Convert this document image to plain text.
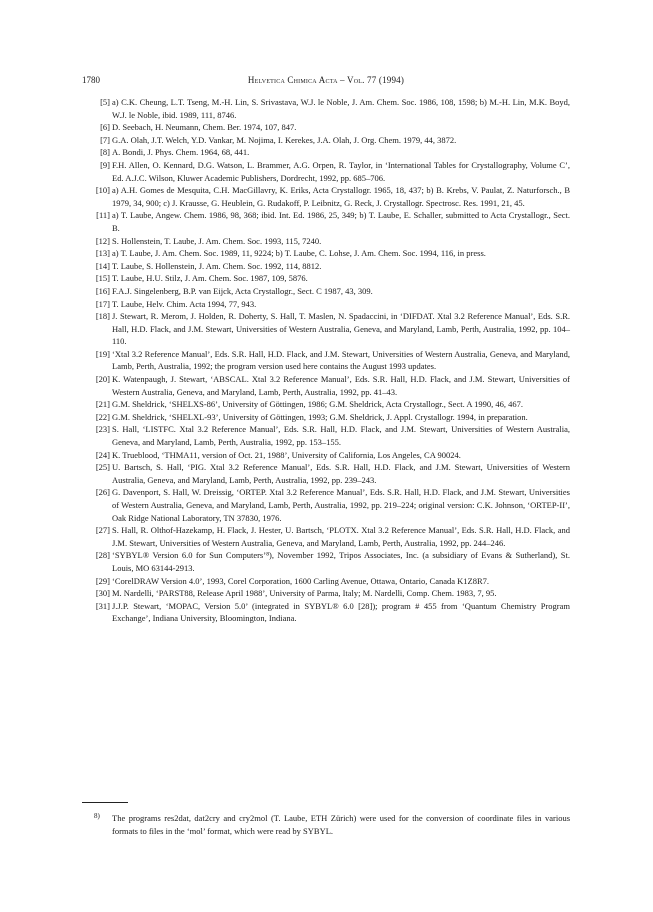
1780	Helvetica Chimica Acta – Vol. 77 (1994)
[5] a) C.K. Cheung, L.T. Tseng, M.-H. Lin, S. Srivastava, W.J. le Noble, J. Am. Chem. Soc. 1986, 108, 1598; b) M.-H. Lin, M.K. Boyd, W.J. le Noble, ibid. 1989, 111, 8746.
[6] D. Seebach, H. Neumann, Chem. Ber. 1974, 107, 847.
[7] G.A. Olah, J.T. Welch, Y.D. Vankar, M. Nojima, I. Kerekes, J.A. Olah, J. Org. Chem. 1979, 44, 3872.
[8] A. Bondi, J. Phys. Chem. 1964, 68, 441.
[9] F.H. Allen, O. Kennard, D.G. Watson, L. Brammer, A.G. Orpen, R. Taylor, in ‘International Tables for Crystallography, Volume C’, Ed. A.J.C. Wilson, Kluwer Academic Publishers, Dordrecht, 1992, pp. 685–706.
[10] a) A.H. Gomes de Mesquita, C.H. MacGillavry, K. Eriks, Acta Crystallogr. 1965, 18, 437; b) B. Krebs, V. Paulat, Z. Naturforsch., B 1979, 34, 900; c) J. Krausse, G. Heublein, G. Rudakoff, P. Leibnitz, G. Reck, J. Crystallogr. Spectrosc. Res. 1991, 21, 45.
[11] a) T. Laube, Angew. Chem. 1986, 98, 368; ibid. Int. Ed. 1986, 25, 349; b) T. Laube, E. Schaller, submitted to Acta Crystallogr., Sect. B.
[12] S. Hollenstein, T. Laube, J. Am. Chem. Soc. 1993, 115, 7240.
[13] a) T. Laube, J. Am. Chem. Soc. 1989, 11, 9224; b) T. Laube, C. Lohse, J. Am. Chem. Soc. 1994, 116, in press.
[14] T. Laube, S. Hollenstein, J. Am. Chem. Soc. 1992, 114, 8812.
[15] T. Laube, H.U. Stilz, J. Am. Chem. Soc. 1987, 109, 5876.
[16] F.A.J. Singelenberg, B.P. van Eijck, Acta Crystallogr., Sect. C 1987, 43, 309.
[17] T. Laube, Helv. Chim. Acta 1994, 77, 943.
[18] J. Stewart, R. Merom, J. Holden, R. Doherty, S. Hall, T. Maslen, N. Spadaccini, in ‘DIFDAT. Xtal 3.2 Reference Manual’, Eds. S.R. Hall, H.D. Flack, and J.M. Stewart, Universities of Western Australia, Geneva, and Maryland, Lamb, Perth, Australia, 1992, pp. 104–110.
[19] ‘Xtal 3.2 Reference Manual’, Eds. S.R. Hall, H.D. Flack, and J.M. Stewart, Universities of Western Australia, Geneva, and Maryland, Lamb, Perth, Australia, 1992; the program version used here contains the August 1993 updates.
[20] K. Watenpaugh, J. Stewart, ‘ABSCAL. Xtal 3.2 Reference Manual’, Eds. S.R. Hall, H.D. Flack, and J.M. Stewart, Universities of Western Australia, Geneva, and Maryland, Lamb, Perth, Australia, 1992, pp. 41–43.
[21] G.M. Sheldrick, ‘SHELXS-86’, University of Göttingen, 1986; G.M. Sheldrick, Acta Crystallogr., Sect. A 1990, 46, 467.
[22] G.M. Sheldrick, ‘SHELXL-93’, University of Göttingen, 1993; G.M. Sheldrick, J. Appl. Crystallogr. 1994, in preparation.
[23] S. Hall, ‘LISTFC. Xtal 3.2 Reference Manual’, Eds. S.R. Hall, H.D. Flack, and J.M. Stewart, Universities of Western Australia, Geneva, and Maryland, Lamb, Perth, Australia, 1992, pp. 153–155.
[24] K. Trueblood, ‘THMA11, version of Oct. 21, 1988’, University of California, Los Angeles, CA 90024.
[25] U. Bartsch, S. Hall, ‘PIG. Xtal 3.2 Reference Manual’, Eds. S.R. Hall, H.D. Flack, and J.M. Stewart, Universities of Western Australia, Geneva, and Maryland, Lamb, Perth, Australia, 1992, pp. 239–243.
[26] G. Davenport, S. Hall, W. Dreissig, ‘ORTEP. Xtal 3.2 Reference Manual’, Eds. S.R. Hall, H.D. Flack, and J.M. Stewart, Universities of Western Australia, Geneva, and Maryland, Lamb, Perth, Australia, 1992, pp. 219–224; original version: C.K. Johnson, ‘ORTEP-II’, Oak Ridge National Laboratory, TN 37830, 1976.
[27] S. Hall, R. Olthof-Hazekamp, H. Flack, J. Hester, U. Bartsch, ‘PLOTX. Xtal 3.2 Reference Manual’, Eds. S.R. Hall, H.D. Flack, and J.M. Stewart, Universities of Western Australia, Geneva, and Maryland, Lamb, Perth, Australia, 1992, pp. 244–246.
[28] ‘SYBYL® Version 6.0 for Sun Computers’⁸), November 1992, Tripos Associates, Inc. (a subsidiary of Evans & Sutherland), St. Louis, MO 63144-2913.
[29] ‘CorelDRAW Version 4.0’, 1993, Corel Corporation, 1600 Carling Avenue, Ottawa, Ontario, Canada K1Z8R7.
[30] M. Nardelli, ‘PARST88, Release April 1988’, University of Parma, Italy; M. Nardelli, Comp. Chem. 1983, 7, 95.
[31] J.J.P. Stewart, ‘MOPAC, Version 5.0’ (integrated in SYBYL® 6.0 [28]); program # 455 from ‘Quantum Chemistry Program Exchange’, Indiana University, Bloomington, Indiana.
8)	The programs res2dat, dat2cry and cry2mol (T. Laube, ETH Zürich) were used for the conversion of coordinate files in various formats to files in the ‘mol’ format, which were read by SYBYL.
